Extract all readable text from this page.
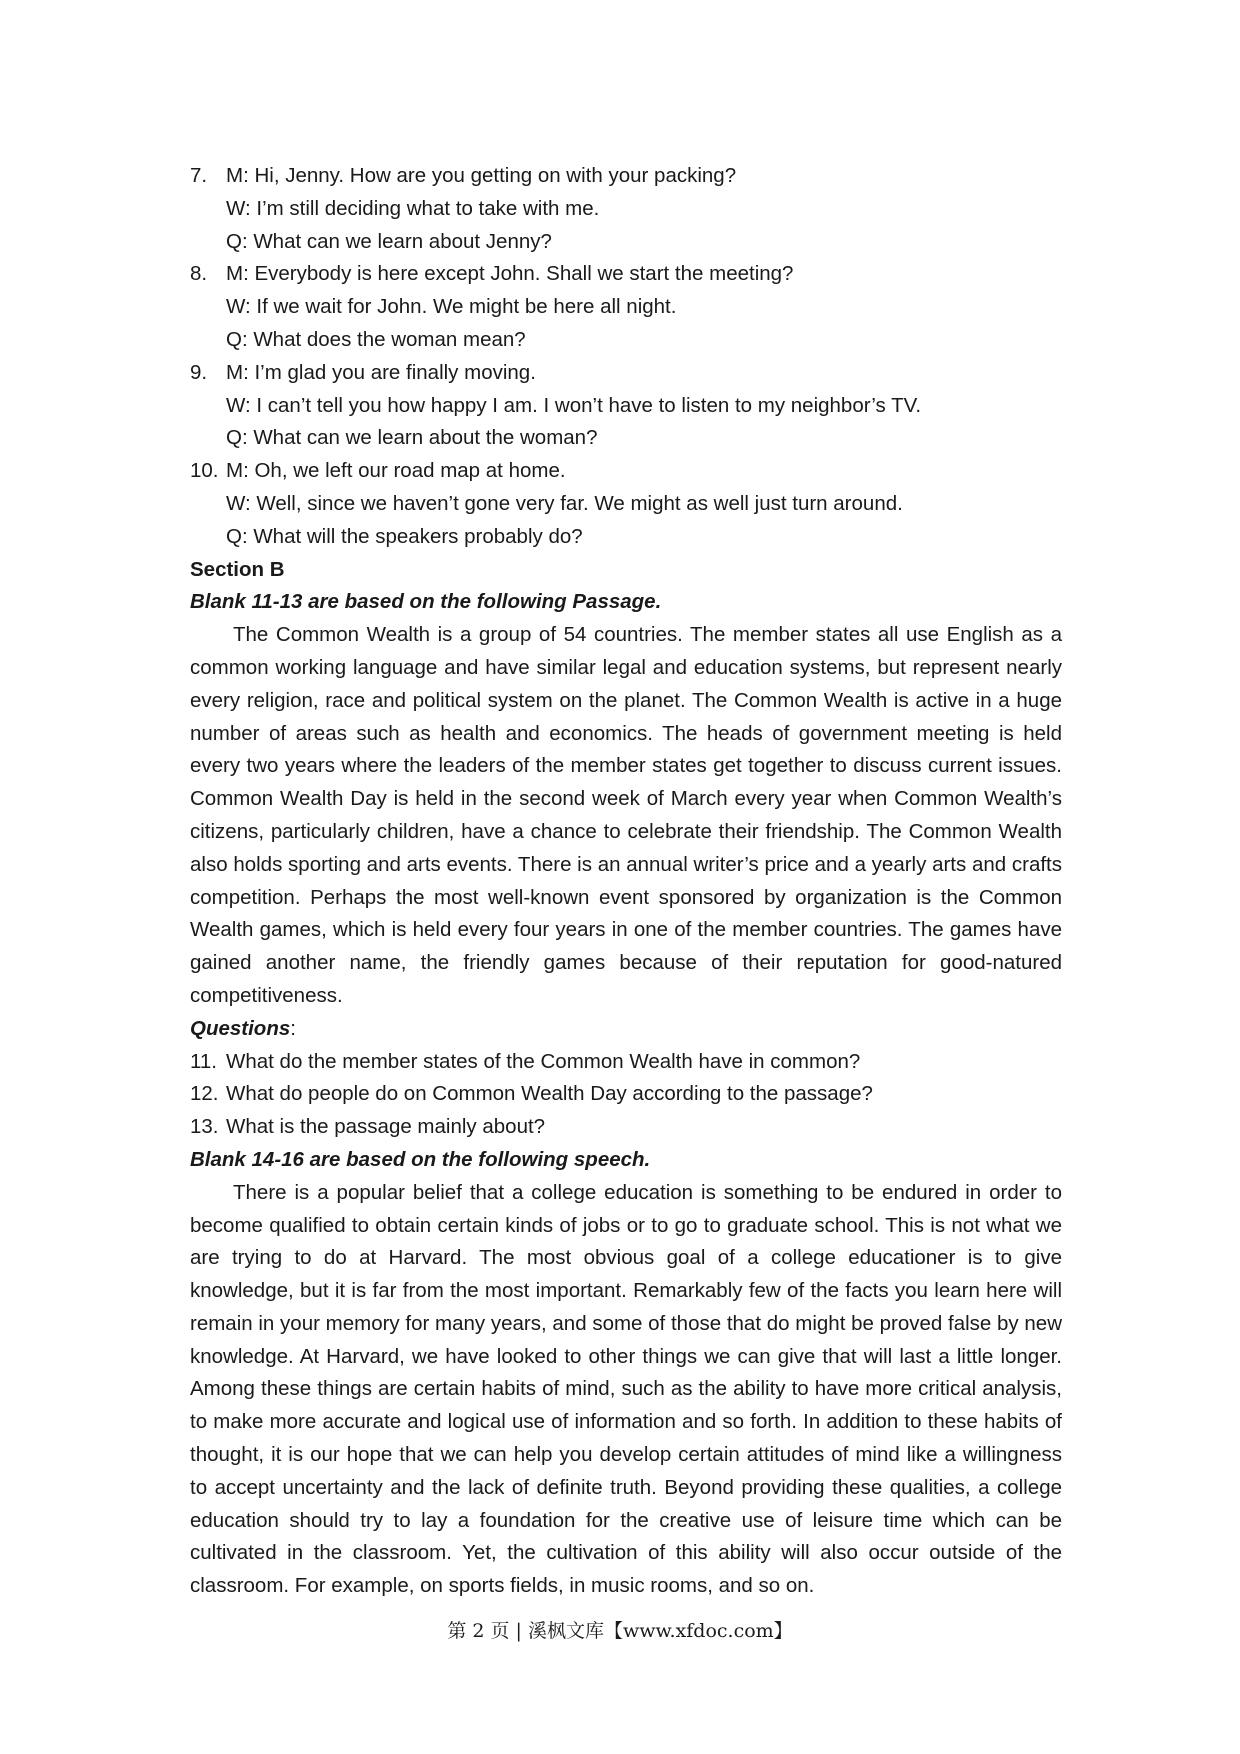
7. M: Hi, Jenny. How are you getting on with your packing?
W: I’m still deciding what to take with me.
Q: What can we learn about Jenny?
8. M: Everybody is here except John. Shall we start the meeting?
W: If we wait for John. We might be here all night.
Q: What does the woman mean?
9. M: I’m glad you are finally moving.
W: I can’t tell you how happy I am. I won’t have to listen to my neighbor’s TV.
Q: What can we learn about the woman?
10. M: Oh, we left our road map at home.
W: Well, since we haven’t gone very far. We might as well just turn around.
Q: What will the speakers probably do?
Section B
Blank 11-13 are based on the following Passage.
The Common Wealth is a group of 54 countries. The member states all use English as a common working language and have similar legal and education systems, but represent nearly every religion, race and political system on the planet. The Common Wealth is active in a huge number of areas such as health and economics. The heads of government meeting is held every two years where the leaders of the member states get together to discuss current issues. Common Wealth Day is held in the second week of March every year when Common Wealth’s citizens, particularly children, have a chance to celebrate their friendship. The Common Wealth also holds sporting and arts events. There is an annual writer’s price and a yearly arts and crafts competition. Perhaps the most well-known event sponsored by organization is the Common Wealth games, which is held every four years in one of the member countries. The games have gained another name, the friendly games because of their reputation for good-natured competitiveness.
Questions:
11. What do the member states of the Common Wealth have in common?
12. What do people do on Common Wealth Day according to the passage?
13. What is the passage mainly about?
Blank 14-16 are based on the following speech.
There is a popular belief that a college education is something to be endured in order to become qualified to obtain certain kinds of jobs or to go to graduate school. This is not what we are trying to do at Harvard. The most obvious goal of a college educationer is to give knowledge, but it is far from the most important. Remarkably few of the facts you learn here will remain in your memory for many years, and some of those that do might be proved false by new knowledge. At Harvard, we have looked to other things we can give that will last a little longer. Among these things are certain habits of mind, such as the ability to have more critical analysis, to make more accurate and logical use of information and so forth. In addition to these habits of thought, it is our hope that we can help you develop certain attitudes of mind like a willingness to accept uncertainty and the lack of definite truth. Beyond providing these qualities, a college education should try to lay a foundation for the creative use of leisure time which can be cultivated in the classroom. Yet, the cultivation of this ability will also occur outside of the classroom. For example, on sports fields, in music rooms, and so on.
第 2 页 | 溪枫文库【www.xfdoc.com】
